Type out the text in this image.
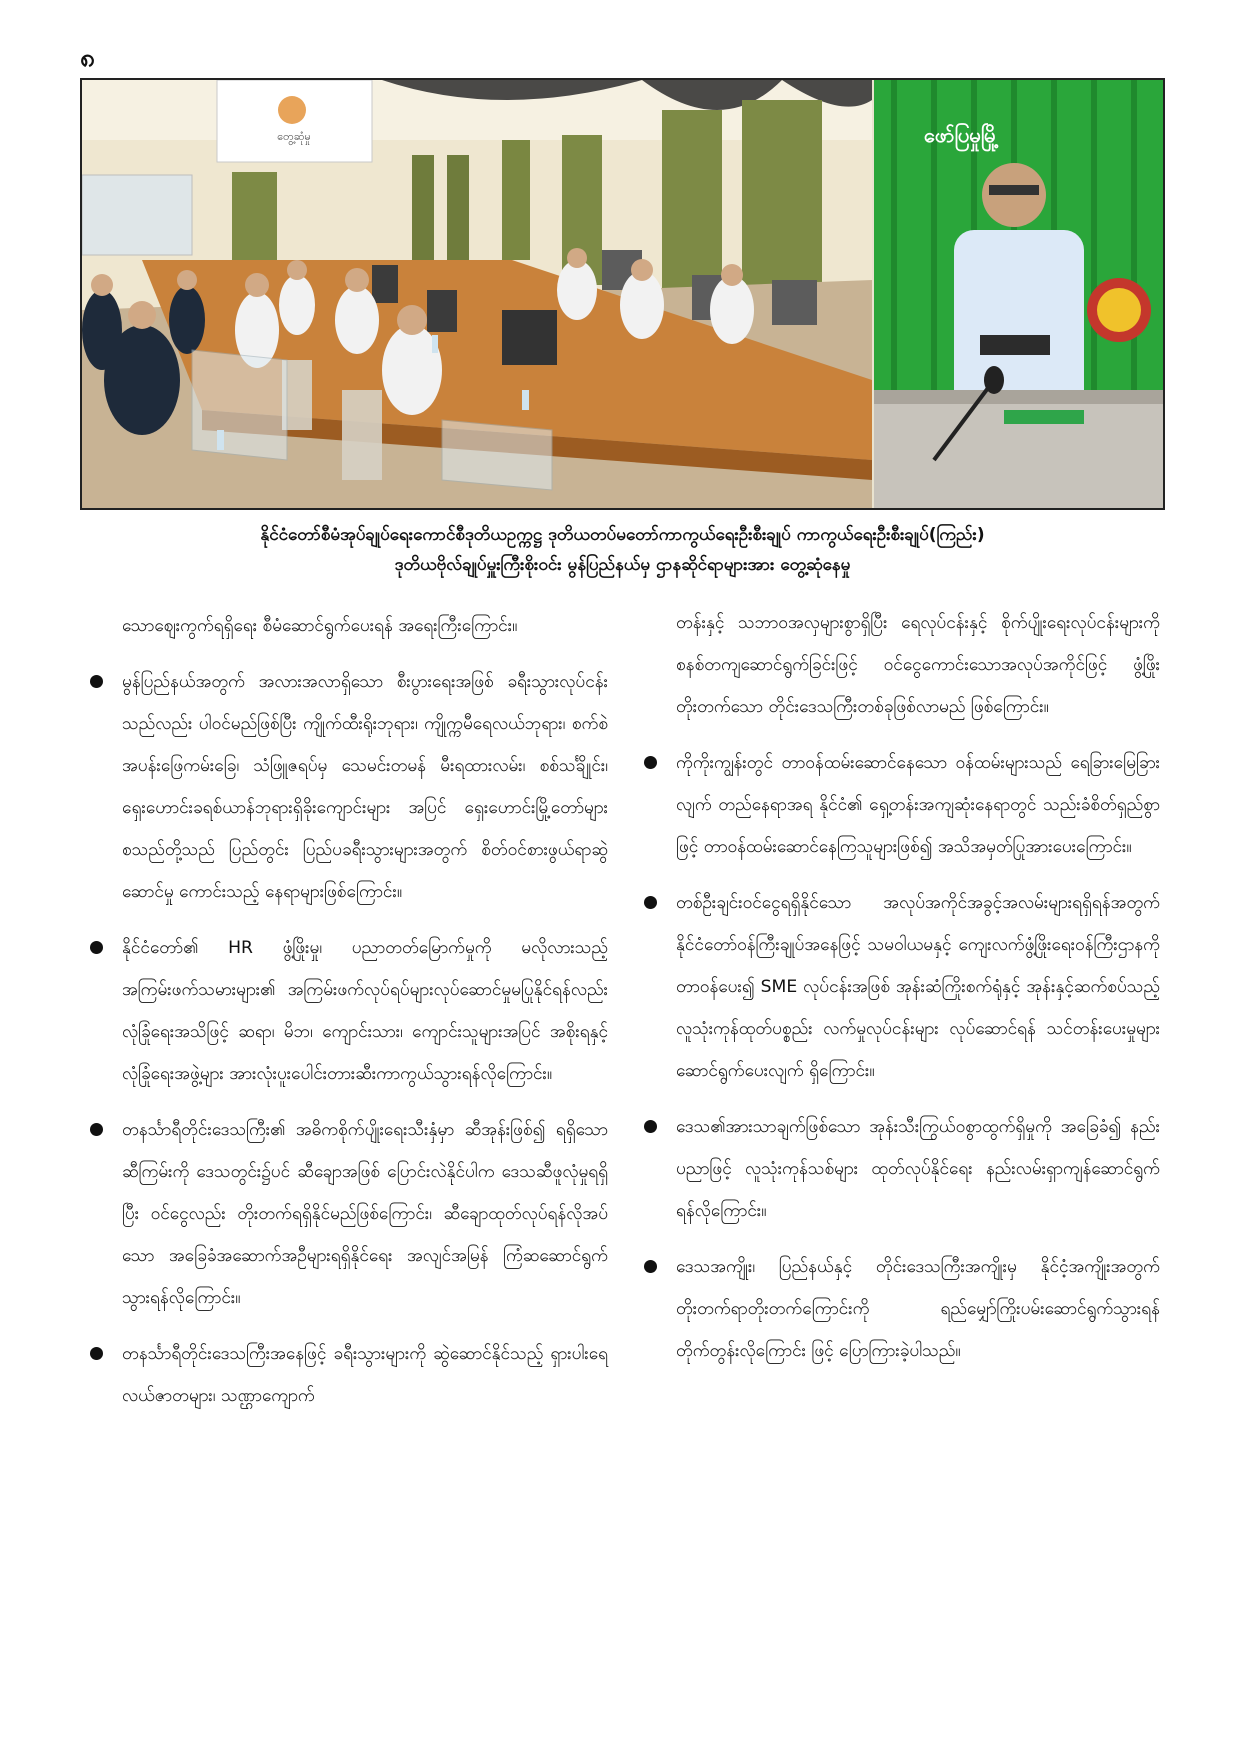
၈
တွေ့ဆုံမှု	ဖော်ပြမှုမြို့
နိုင်ငံတော်စီမံအုပ်ချုပ်ရေးကောင်စီဒုတိယဥက္ကဋ္ဌ ဒုတိယတပ်မတော်ကာကွယ်ရေးဦးစီးချုပ် ကာကွယ်ရေးဦးစီးချုပ်(ကြည်း)
ဒုတိယဗိုလ်ချုပ်မှူးကြီးစိုးဝင်း မွန်ပြည်နယ်မှ ဌာနဆိုင်ရာများအား တွေ့ဆုံနေမှု

သောဈေးကွက်ရရှိရေး စီမံဆောင်ရွက်ပေးရန် အရေးကြီးကြောင်း။

မွန်ပြည်နယ်အတွက် အလားအလာရှိသော စီးပွားရေးအဖြစ် ခရီးသွားလုပ်ငန်းသည်လည်း ပါဝင်မည်ဖြစ်ပြီး ကျိုက်ထီးရိုးဘုရား၊ ကျိုက္ကမီရေလယ်ဘုရား၊ စက်စဲအပန်းဖြေကမ်းခြေ၊ သံဖြူဇရပ်မှ သေမင်းတမန် မီးရထားလမ်း၊ စစ်သင်္ချိုင်း၊ ရှေးဟောင်းခရစ်ယာန်ဘုရားရှိခိုးကျောင်းများ အပြင် ရှေးဟောင်းမြို့တော်များ စသည်တို့သည် ပြည်တွင်း ပြည်ပခရီးသွားများအတွက် စိတ်ဝင်စားဖွယ်ရာဆွဲဆောင်မှု ကောင်းသည့် နေရာများဖြစ်ကြောင်း။
နိုင်ငံတော်၏ HR ဖွံ့ဖြိုးမှု၊ ပညာတတ်မြောက်မှုကို မလိုလားသည့် အကြမ်းဖက်သမားများ၏ အကြမ်းဖက်လုပ်ရပ်များလုပ်ဆောင်မှုမပြုနိုင်ရန်လည်း လုံခြုံရေးအသိဖြင့် ဆရာ၊ မိဘ၊ ကျောင်းသား၊ ကျောင်းသူများအပြင် အစိုးရနှင့် လုံခြုံရေးအဖွဲ့များ အားလုံးပူးပေါင်းတားဆီးကာကွယ်သွားရန်လိုကြောင်း။
တနင်္သာရီတိုင်းဒေသကြီး၏ အဓိကစိုက်ပျိုးရေးသီးနှံမှာ ဆီအုန်းဖြစ်၍ ရရှိသောဆီကြမ်းကို ဒေသတွင်း၌ပင် ဆီချောအဖြစ် ပြောင်းလဲနိုင်ပါက ဒေသဆီဖူလုံမှုရရှိပြီး ဝင်ငွေလည်း တိုးတက်ရရှိနိုင်မည်ဖြစ်ကြောင်း၊ ဆီချောထုတ်လုပ်ရန်လိုအပ်သော အခြေခံအဆောက်အဦများရရှိနိုင်ရေး အလျင်အမြန် ကြံဆဆောင်ရွက်သွားရန်လိုကြောင်း။
တနင်္သာရီတိုင်းဒေသကြီးအနေဖြင့် ခရီးသွားများကို ဆွဲဆောင်နိုင်သည့် ရှားပါးရေလယ်ဇာတများ၊ သဏ္ဌာကျောက်

တန်းနှင့် သဘာဝအလှများစွာရှိပြီး ရေလုပ်ငန်းနှင့် စိုက်ပျိုးရေးလုပ်ငန်းများကို စနစ်တကျဆောင်ရွက်ခြင်းဖြင့် ဝင်ငွေကောင်းသောအလုပ်အကိုင်ဖြင့် ဖွံ့ဖြိုးတိုးတက်သော တိုင်းဒေသကြီးတစ်ခုဖြစ်လာမည် ဖြစ်ကြောင်း။

ကိုကိုးကျွန်းတွင် တာဝန်ထမ်းဆောင်နေသော ဝန်ထမ်းများသည် ရေခြားမြေခြားလျက် တည်နေရာအရ နိုင်ငံ၏ ရှေ့တန်းအကျဆုံးနေရာတွင် သည်းခံစိတ်ရှည်စွာဖြင့် တာဝန်ထမ်းဆောင်နေကြသူများဖြစ်၍ အသိအမှတ်ပြုအားပေးကြောင်း။
တစ်ဦးချင်းဝင်ငွေရရှိနိုင်သော အလုပ်အကိုင်အခွင့်အလမ်းများရရှိရန်အတွက် နိုင်ငံတော်ဝန်ကြီးချုပ်အနေဖြင့် သမဝါယမနှင့် ကျေးလက်ဖွံ့ဖြိုးရေးဝန်ကြီးဌာနကို တာဝန်ပေး၍ SME လုပ်ငန်းအဖြစ် အုန်းဆံကြိုးစက်ရုံနှင့် အုန်းနှင့်ဆက်စပ်သည့်လူသုံးကုန်ထုတ်ပစ္စည်း လက်မှုလုပ်ငန်းများ လုပ်ဆောင်ရန် သင်တန်းပေးမှုများ ဆောင်ရွက်ပေးလျက် ရှိကြောင်း။
ဒေသ၏အားသာချက်ဖြစ်သော အုန်းသီးကြွယ်ဝစွာထွက်ရှိမှုကို အခြေခံ၍ နည်းပညာဖြင့် လူသုံးကုန်သစ်များ ထုတ်လုပ်နိုင်ရေး နည်းလမ်းရှာကျန်ဆောင်ရွက်ရန်လိုကြောင်း။
ဒေသအကျိုး၊ ပြည်နယ်နှင့် တိုင်းဒေသကြီးအကျိုးမှ နိုင်ငံ့အကျိုးအတွက် တိုးတက်ရာတိုးတက်ကြောင်းကို ရည်မျှော်ကြိုးပမ်းဆောင်ရွက်သွားရန် တိုက်တွန်းလိုကြောင်း ဖြင့် ပြောကြားခဲ့ပါသည်။
